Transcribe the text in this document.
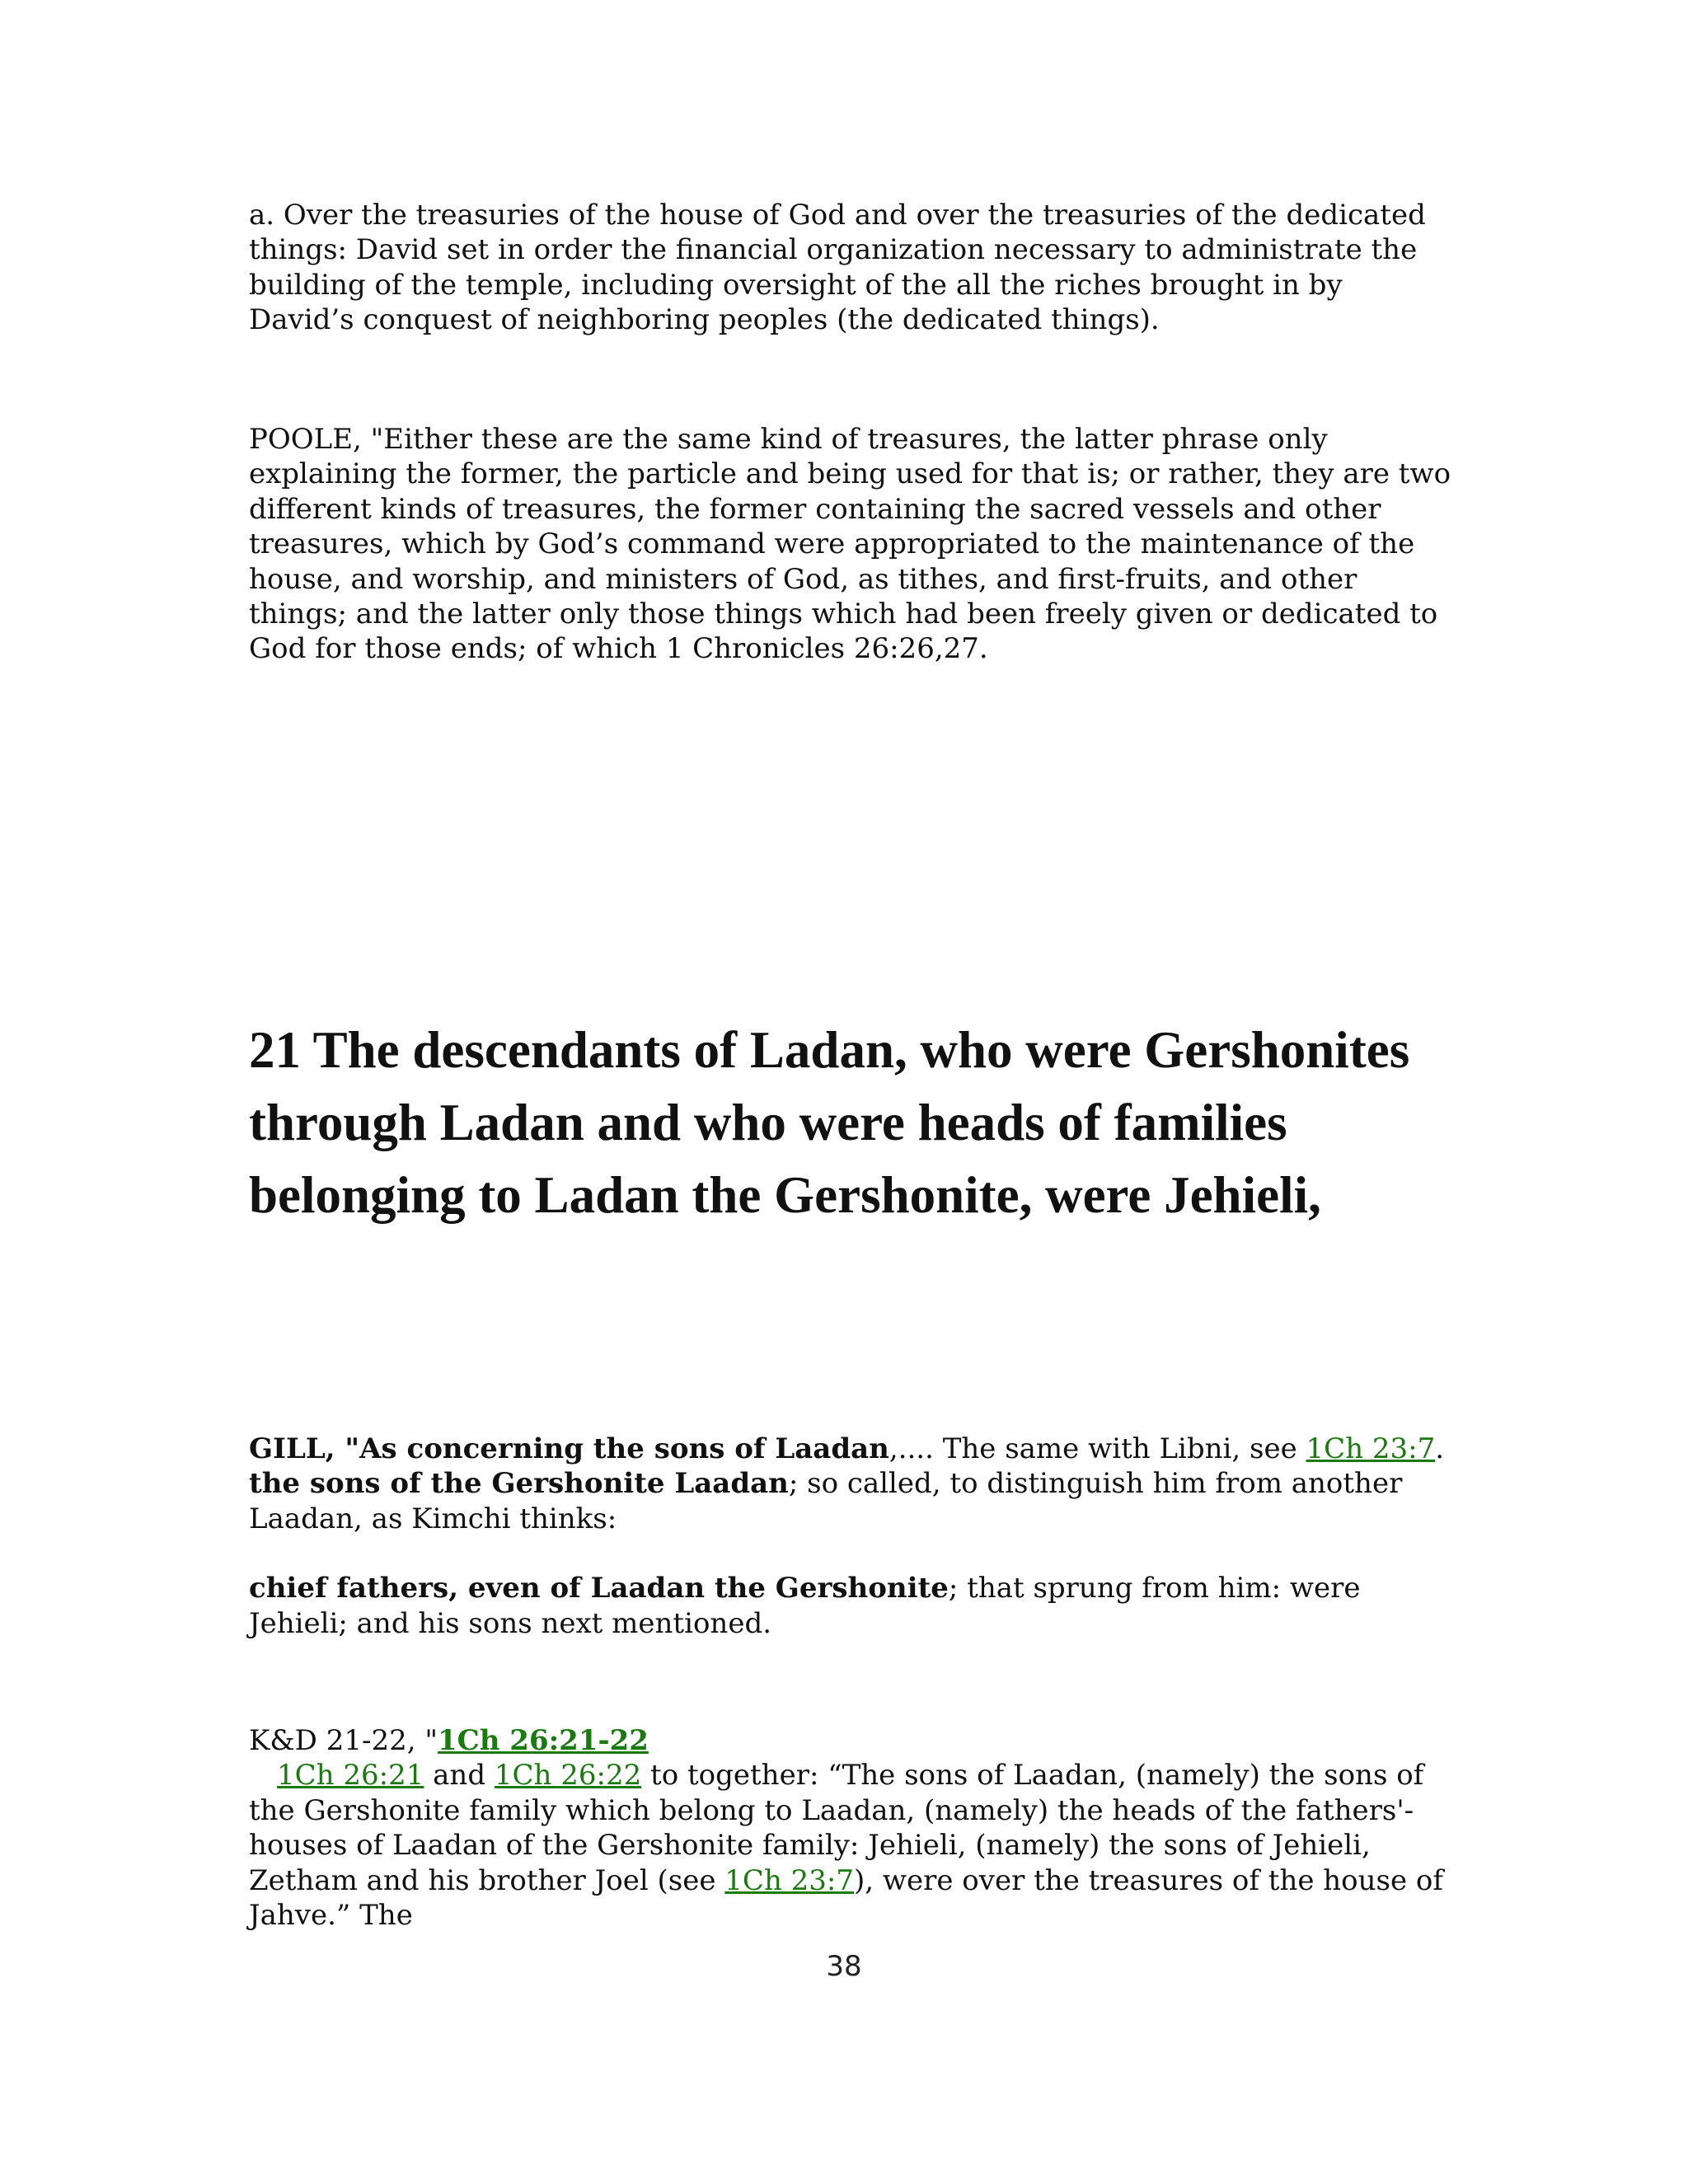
a. Over the treasuries of the house of God and over the treasuries of the dedicated things: David set in order the financial organization necessary to administrate the building of the temple, including oversight of the all the riches brought in by David’s conquest of neighboring peoples (the dedicated things).

POOLE, "Either these are the same kind of treasures, the latter phrase only explaining the former, the particle and being used for that is; or rather, they are two different kinds of treasures, the former containing the sacred vessels and other treasures, which by God’s command were appropriated to the maintenance of the house, and worship, and ministers of God, as tithes, and first-fruits, and other things; and the latter only those things which had been freely given or dedicated to God for those ends; of which 1 Chronicles 26:26,27.

21 The descendants of Ladan, who were Gershonites through Ladan and who were heads of families belonging to Ladan the Gershonite, were Jehieli,
GILL, "As concerning the sons of Laadan,.... The same with Libni, see 1Ch 23:7.
the sons of the Gershonite Laadan; so called, to distinguish him from another Laadan, as Kimchi thinks:
chief fathers, even of Laadan the Gershonite; that sprung from him: were Jehieli; and his sons next mentioned.
K&D 21-22, "1Ch 26:21-22
1Ch 26:21 and 1Ch 26:22 to together: “The sons of Laadan, (namely) the sons of the Gershonite family which belong to Laadan, (namely) the heads of the fathers'-houses of Laadan of the Gershonite family: Jehieli, (namely) the sons of Jehieli, Zetham and his brother Joel (see 1Ch 23:7), were over the treasures of the house of Jahve.” The
38
